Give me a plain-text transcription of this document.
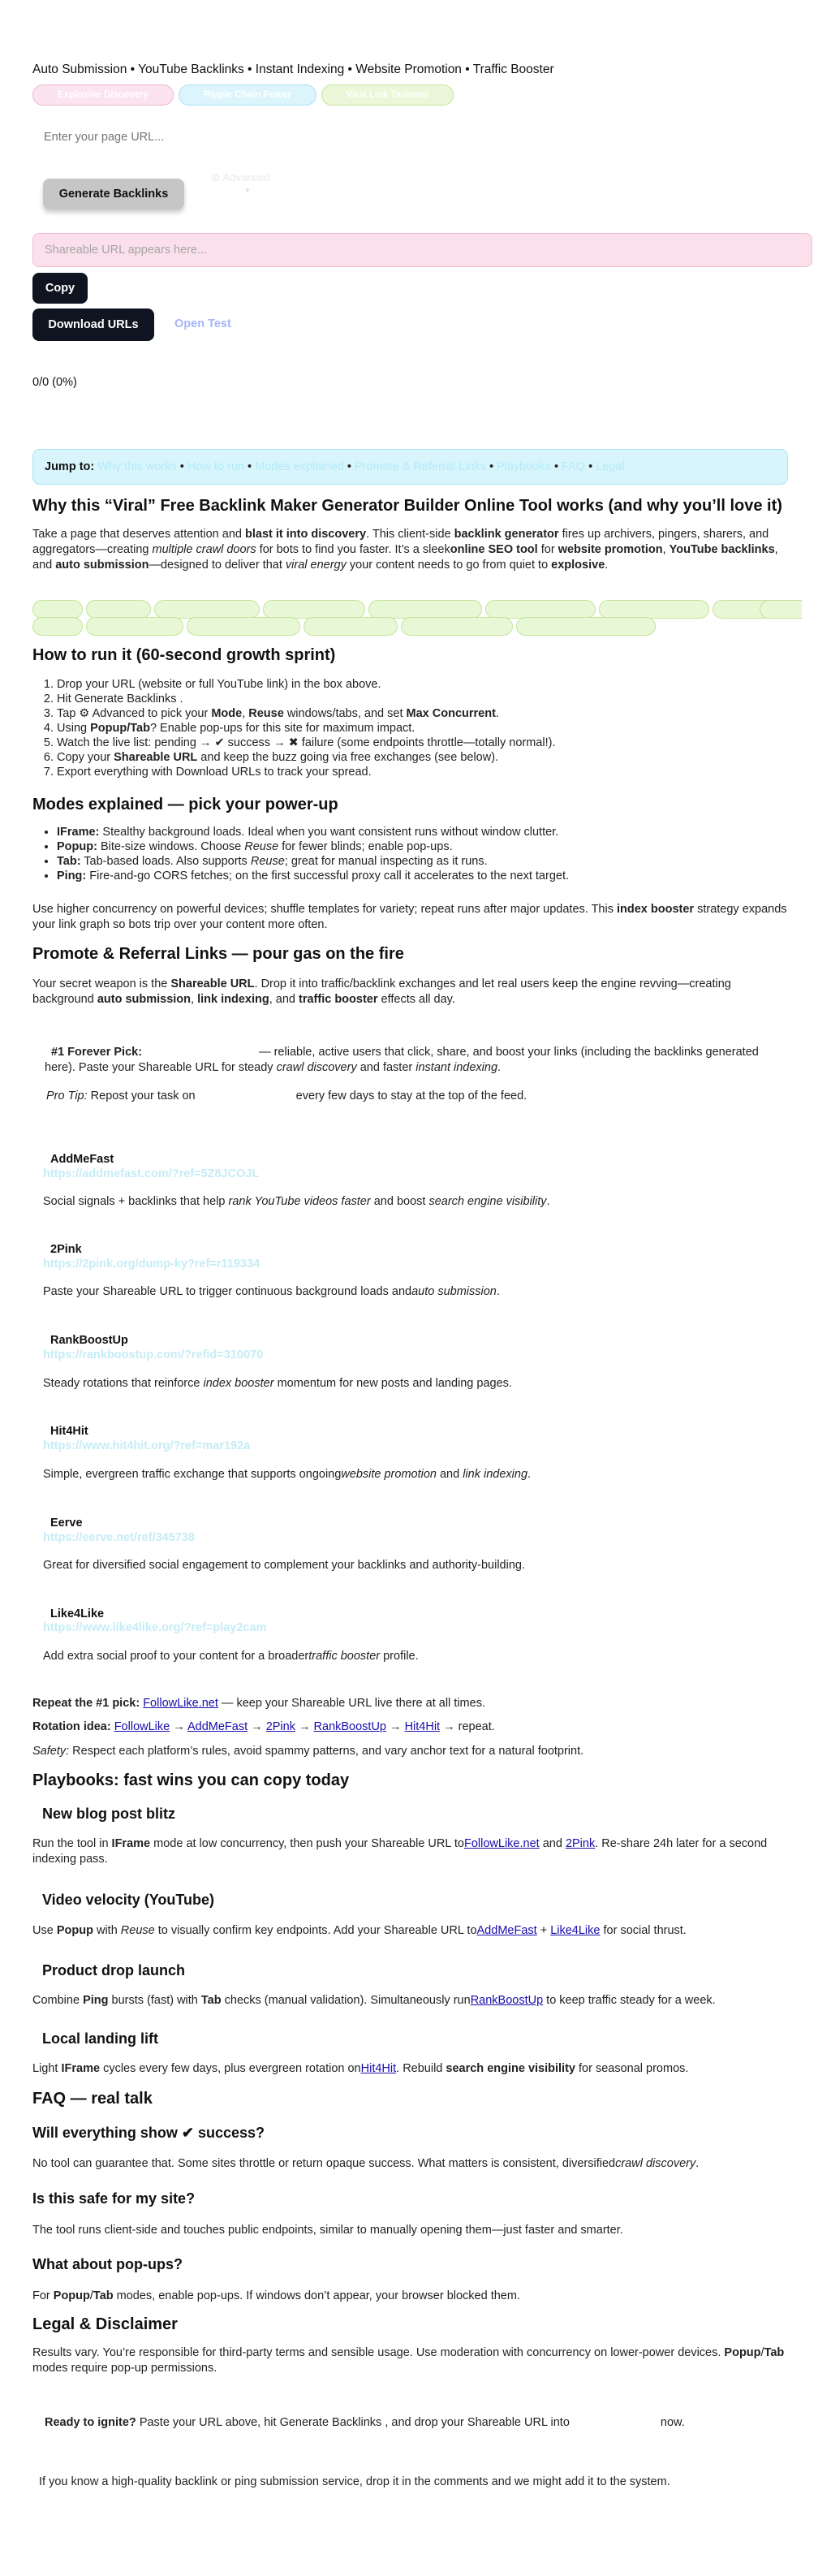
Auto Submission • YouTube Backlinks • Instant Indexing • Website Promotion • Traffic Booster
Explosive Discovery	Ripple Chain Power	Viral Link Tsunami
Enter your page URL...
Generate Backlinks
⚙ Advanced
▾
Shareable URL appears here...
Copy
Download URLs	Open Test
0/0 (0%)
Jump to: Why this works • How to run • Modes explained • Promote & Referral Links • Playbooks • FAQ • Legal
Why this “Viral” Free Backlink Maker Generator Builder Online Tool works (and why you’ll love it)
Take a page that deserves attention and blast it into discovery. This client-side backlink generator fires up archivers, pingers, sharers, and aggregators—creating multiple crawl doors for bots to find you faster. It’s a sleekonline SEO tool for website promotion, YouTube backlinks, and auto submission—designed to deliver that viral energy your content needs to go from quiet to explosive.
How to run it (60-second growth sprint)
1. Drop your URL (website or full YouTube link) in the box above.
2. Hit Generate Backlinks .
3. Tap ⚙ Advanced to pick your Mode, Reuse windows/tabs, and set Max Concurrent.
4. Using Popup/Tab? Enable pop-ups for this site for maximum impact.
5. Watch the live list: pending → ✔ success → ✖ failure (some endpoints throttle—totally normal!).
6. Copy your Shareable URL and keep the buzz going via free exchanges (see below).
7. Export everything with Download URLs to track your spread.
Modes explained — pick your power-up
• IFrame: Stealthy background loads. Ideal when you want consistent runs without window clutter.
• Popup: Bite-size windows. Choose Reuse for fewer blinds; enable pop-ups.
• Tab: Tab-based loads. Also supports Reuse; great for manual inspecting as it runs.
• Ping: Fire-and-go CORS fetches; on the first successful proxy call it accelerates to the next target.
Use higher concurrency on powerful devices; shuffle templates for variety; repeat runs after major updates. This index booster strategy expands your link graph so bots trip over your content more often.
Promote & Referral Links — pour gas on the fire
Your secret weapon is the Shareable URL. Drop it into traffic/backlink exchanges and let real users keep the engine revving—creating background auto submission, link indexing, and traffic booster effects all day.
#1 Forever Pick:	— reliable, active users that click, share, and boost your links (including the backlinks generated here). Paste your Shareable URL for steady crawl discovery and faster instant indexing.
Pro Tip: Repost your task on	every few days to stay at the top of the feed.
AddMeFast
https://addmefast.com/?ref=5Z8JCOJL
Social signals + backlinks that help rank YouTube videos faster and boost search engine visibility.
2Pink
https://2pink.org/dump-ky?ref=r119334
Paste your Shareable URL to trigger continuous background loads andauto submission.
RankBoostUp
https://rankboostup.com/?refid=310070
Steady rotations that reinforce index booster momentum for new posts and landing pages.
Hit4Hit
https://www.hit4hit.org/?ref=mar192a
Simple, evergreen traffic exchange that supports ongoingwebsite promotion and link indexing.
Eerve
https://eerve.net/ref/345738
Great for diversified social engagement to complement your backlinks and authority-building.
Like4Like
https://www.like4like.org/?ref=play2cam
Add extra social proof to your content for a broadertraffic booster profile.
Repeat the #1 pick: FollowLike.net — keep your Shareable URL live there at all times.
Rotation idea: FollowLike → AddMeFast → 2Pink → RankBoostUp → Hit4Hit → repeat.
Safety: Respect each platform’s rules, avoid spammy patterns, and vary anchor text for a natural footprint.
Playbooks: fast wins you can copy today
New blog post blitz
Run the tool in IFrame mode at low concurrency, then push your Shareable URL toFollowLike.net and 2Pink. Re-share 24h later for a second indexing pass.
Video velocity (YouTube)
Use Popup with Reuse to visually confirm key endpoints. Add your Shareable URL toAddMeFast + Like4Like for social thrust.
Product drop launch
Combine Ping bursts (fast) with Tab checks (manual validation). Simultaneously runRankBoostUp to keep traffic steady for a week.
Local landing lift
Light IFrame cycles every few days, plus evergreen rotation onHit4Hit. Rebuild search engine visibility for seasonal promos.
FAQ — real talk
Will everything show ✔ success?
No tool can guarantee that. Some sites throttle or return opaque success. What matters is consistent, diversifiedcrawl discovery.
Is this safe for my site?
The tool runs client-side and touches public endpoints, similar to manually opening them—just faster and smarter.
What about pop-ups?
For Popup/Tab modes, enable pop-ups. If windows don’t appear, your browser blocked them.
Legal & Disclaimer
Results vary. You’re responsible for third-party terms and sensible usage. Use moderation with concurrency on lower-power devices. Popup/Tab modes require pop-up permissions.
Ready to ignite? Paste your URL above, hit Generate Backlinks , and drop your Shareable URL into	now.
If you know a high-quality backlink or ping submission service, drop it in the comments and we might add it to the system.
